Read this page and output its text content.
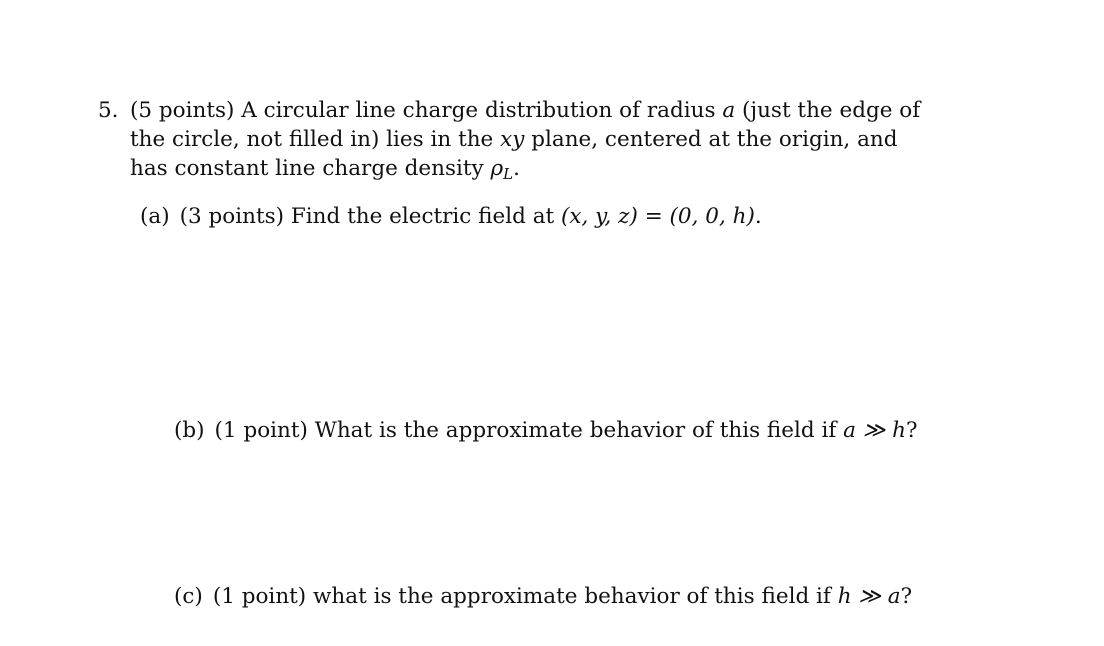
5. (5 points) A circular line charge distribution of radius a (just the edge of
the circle, not filled in) lies in the xy plane, centered at the origin, and
has constant line charge density $\rho_L$.
(a) (3 points) Find the electric field at (x, y, z) = (0, 0, h).
(b) (1 point) What is the approximate behavior of this field if a ≫ h?
(c) (1 point) what is the approximate behavior of this field if h ≫ a?
